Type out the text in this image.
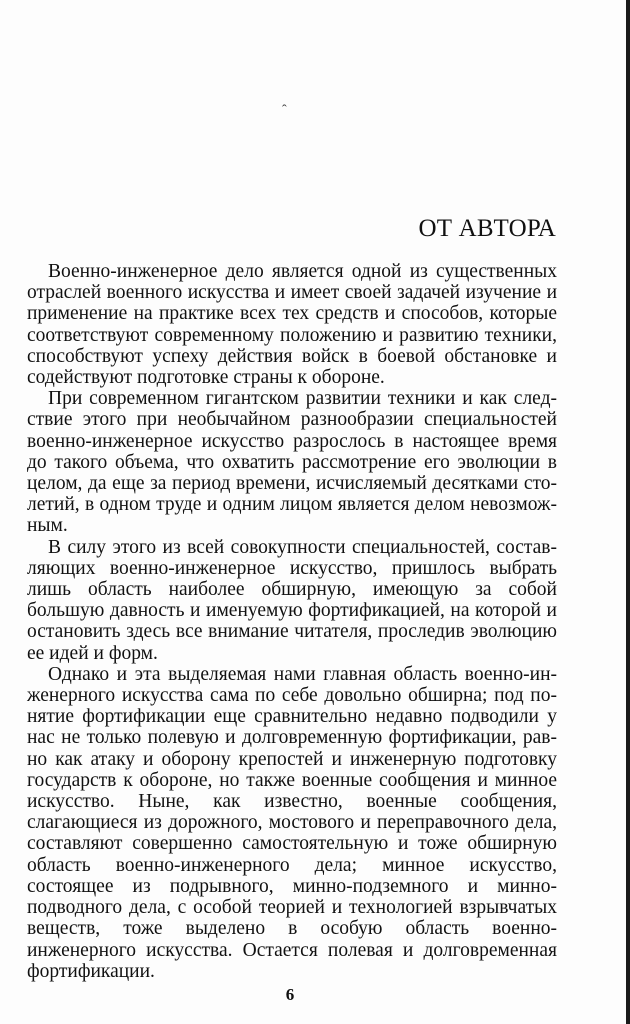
ˆ
ОТ АВТОРА

Военно-инженерное дело является одной из существенных отраслей военного искусства и имеет своей задачей изучение и применение на практике всех тех средств и способов, которые соответствуют современному положению и развитию техники, способствуют успеху действия войск в боевой обстановке и содействуют подготовке страны к обороне.

При современном гигантском развитии техники и как следствие этого при необычайном разнообразии специальностей военно-инженерное искусство разрослось в настоящее время до такого объема, что охватить рассмотрение его эволюции в целом, да еще за период времени, исчисляемый десятками столетий, в одном труде и одним лицом является делом невозможным.

В силу этого из всей совокупности специальностей, составляющих военно-инженерное искусство, пришлось выбрать лишь область наиболее обширную, имеющую за собой большую давность и именуемую фортификацией, на которой и остановить здесь все внимание читателя, проследив эволюцию ее идей и форм.

Однако и эта выделяемая нами главная область военно-инженерного искусства сама по себе довольно обширна; под понятие фортификации еще сравнительно недавно подводили у нас не только полевую и долговременную фортификации, равно как атаку и оборону крепостей и инженерную подготовку государств к обороне, но также военные сообщения и минное искусство. Ныне, как известно, военные сообщения, слагающиеся из дорожного, мостового и переправочного дела, составляют совершенно самостоятельную и тоже обширную область военно-инженерного дела; минное искусство, состоящее из подрывного, минно-подземного и минно-подводного дела, с особой теорией и технологией взрывчатых веществ, тоже выделено в особую область военно-инженерного искусства. Остается полевая и долговременная фортификации.

6
